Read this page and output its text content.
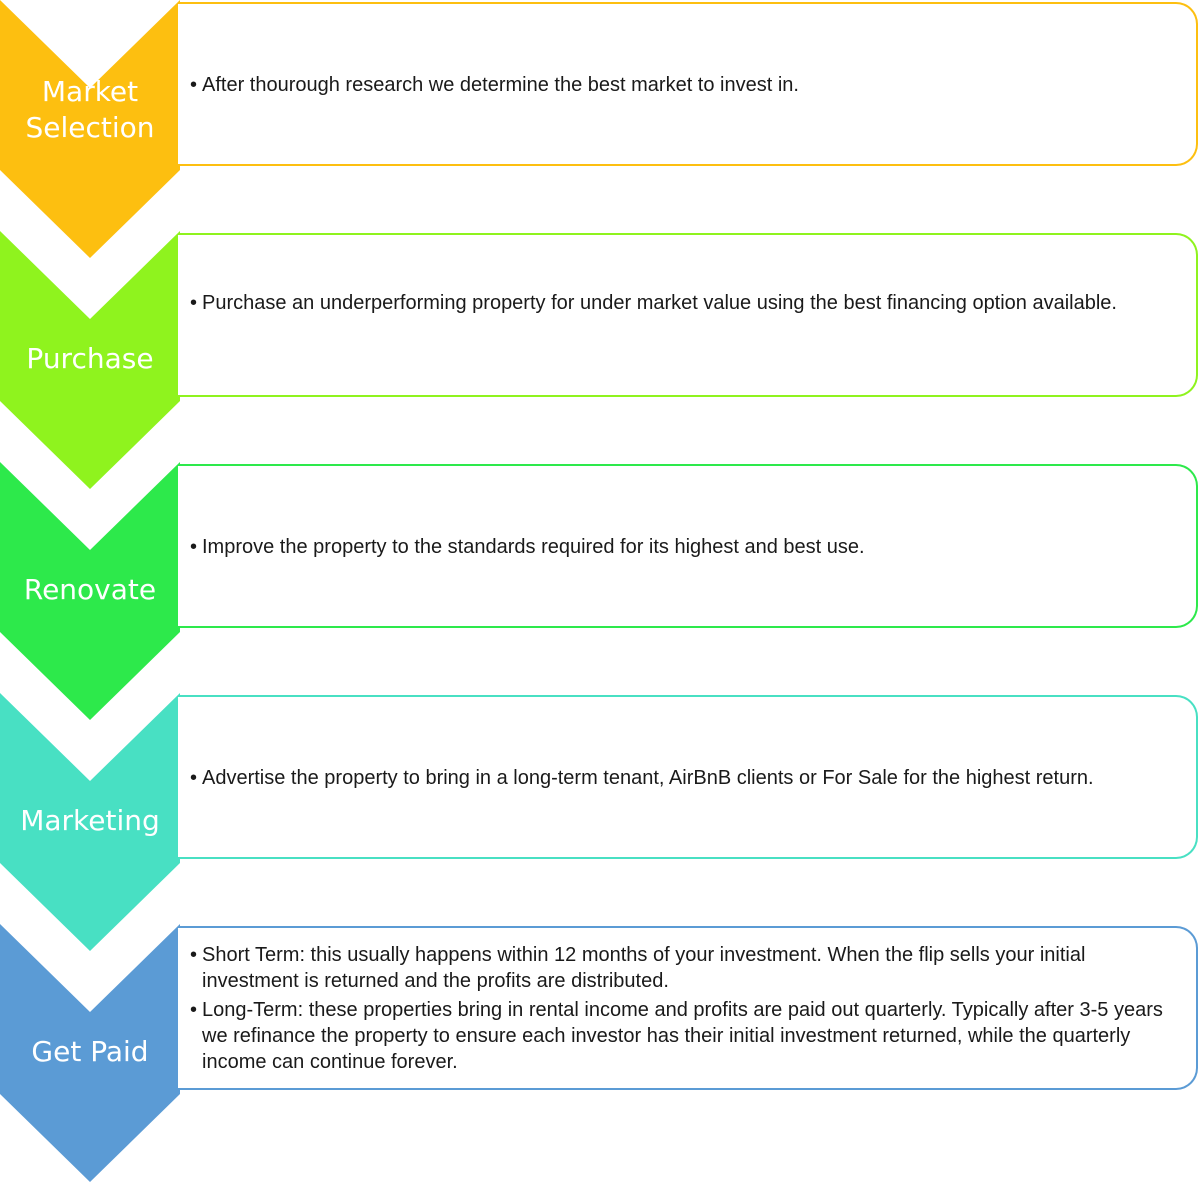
Market
Selection
• After thourough research we determine the best market to invest in.
Purchase
• Purchase an underperforming property for under market value using the best financing option available.
Renovate
• Improve the property to the standards required for its highest and best use.
Marketing
• Advertise the property to bring in a long-term tenant, AirBnB clients or For Sale for the highest return.
Get Paid
• Short Term: this usually happens within 12 months of your investment. When the flip sells your initial investment is returned and the profits are distributed.
• Long-Term: these properties bring in rental income and profits are paid out quarterly. Typically after 3-5 years we refinance the property to ensure each investor has their initial investment returned, while the quarterly income can continue forever.
